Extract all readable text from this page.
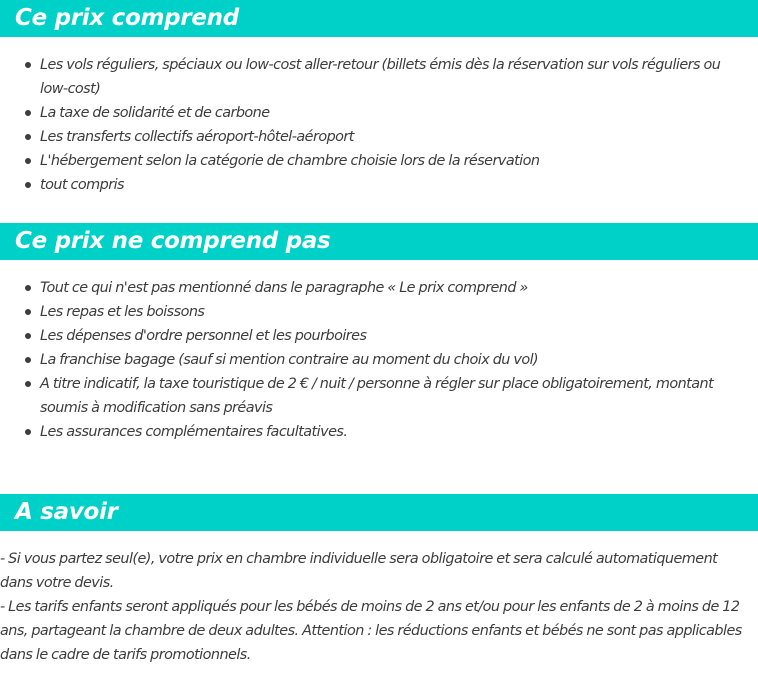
Ce prix comprend
Les vols réguliers, spéciaux ou low-cost aller-retour (billets émis dès la réservation sur vols réguliers ou low-cost)
La taxe de solidarité et de carbone
Les transferts collectifs aéroport-hôtel-aéroport
L'hébergement selon la catégorie de chambre choisie lors de la réservation
tout compris
Ce prix ne comprend pas
Tout ce qui n'est pas mentionné dans le paragraphe « Le prix comprend »
Les repas et les boissons
Les dépenses d'ordre personnel et les pourboires
La franchise bagage (sauf si mention contraire au moment du choix du vol)
A titre indicatif, la taxe touristique de 2 € / nuit / personne à régler sur place obligatoirement, montant soumis à modification sans préavis
Les assurances complémentaires facultatives.
A savoir

- Si vous partez seul(e), votre prix en chambre individuelle sera obligatoire et sera calculé automatiquement dans votre devis.

- Les tarifs enfants seront appliqués pour les bébés de moins de 2 ans et/ou pour les enfants de 2 à moins de 12 ans, partageant la chambre de deux adultes. Attention : les réductions enfants et bébés ne sont pas applicables dans le cadre de tarifs promotionnels.
